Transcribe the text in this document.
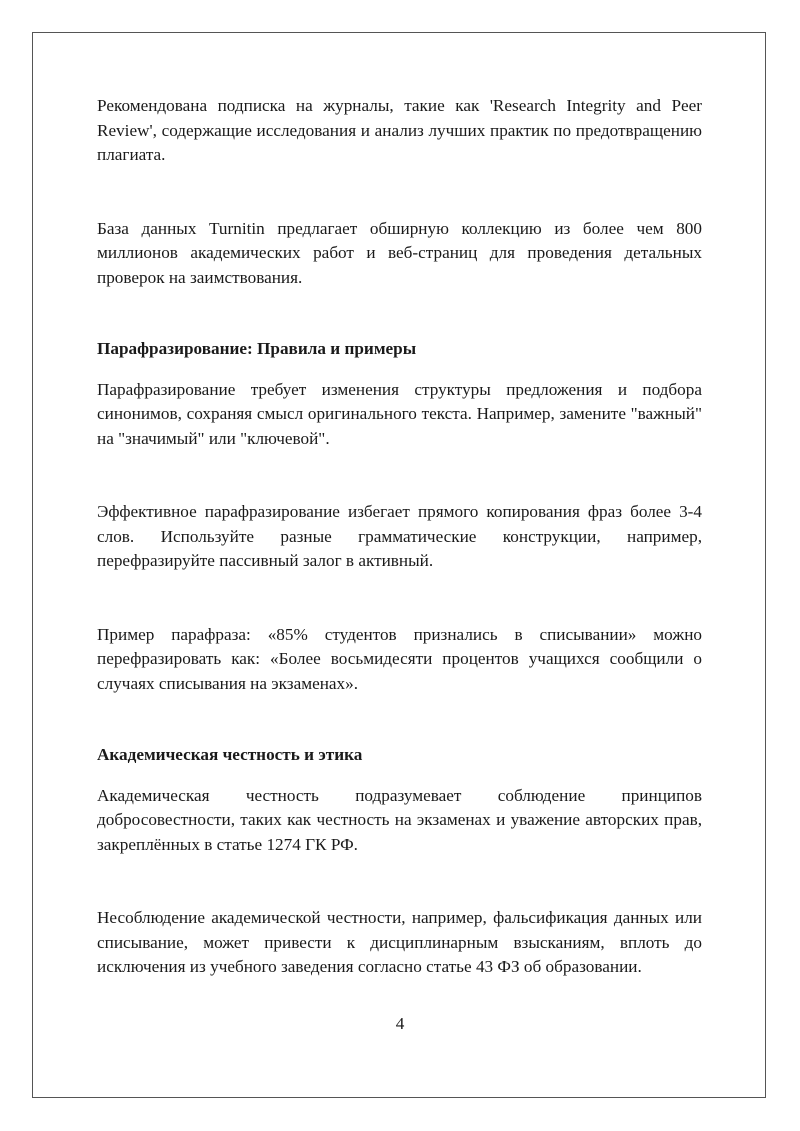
Рекомендована подписка на журналы, такие как 'Research Integrity and Peer Review', содержащие исследования и анализ лучших практик по предотвращению плагиата.

База данных Turnitin предлагает обширную коллекцию из более чем 800 миллионов академических работ и веб-страниц для проведения детальных проверок на заимствования.

Парафразирование: Правила и примеры

Парафразирование требует изменения структуры предложения и подбора синонимов, сохраняя смысл оригинального текста. Например, замените "важный" на "значимый" или "ключевой".

Эффективное парафразирование избегает прямого копирования фраз более 3-4 слов. Используйте разные грамматические конструкции, например, перефразируйте пассивный залог в активный.

Пример парафраза: «85% студентов признались в списывании» можно перефразировать как: «Более восьмидесяти процентов учащихся сообщили о случаях списывания на экзаменах».

Академическая честность и этика

Академическая честность подразумевает соблюдение принципов добросовестности, таких как честность на экзаменах и уважение авторских прав, закреплённых в статье 1274 ГК РФ.

Несоблюдение академической честности, например, фальсификация данных или списывание, может привести к дисциплинарным взысканиям, вплоть до исключения из учебного заведения согласно статье 43 ФЗ об образовании.

4
